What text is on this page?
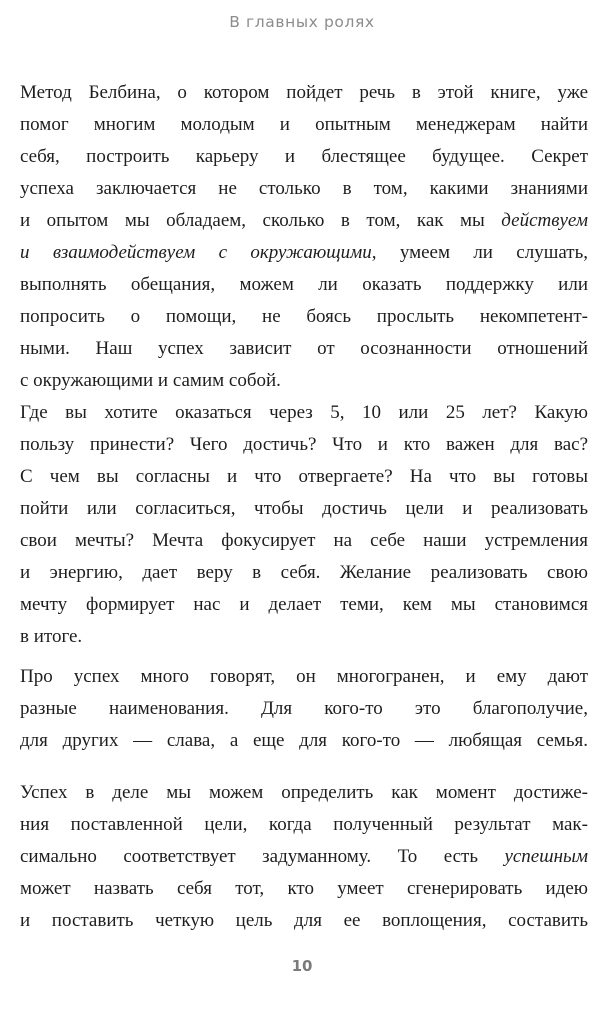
В главных ролях
Метод Белбина, о котором пойдет речь в этой книге, уже
помог многим молодым и опытным менеджерам найти
себя, построить карьеру и блестящее будущее. Секрет
успеха заключается не столько в том, какими знаниями
и опытом мы обладаем, сколько в том, как мы действуем
и взаимодействуем с окружающими, умеем ли слушать,
выполнять обещания, можем ли оказать поддержку или
попросить о помощи, не боясь прослыть некомпетент-
ными. Наш успех зависит от осознанности отношений
с окружающими и самим собой.
Где вы хотите оказаться через 5, 10 или 25 лет? Какую
пользу принести? Чего достичь? Что и кто важен для вас?
С чем вы согласны и что отвергаете? На что вы готовы
пойти или согласиться, чтобы достичь цели и реализовать
свои мечты? Мечта фокусирует на себе наши устремления
и энергию, дает веру в себя. Желание реализовать свою
мечту формирует нас и делает теми, кем мы становимся
в итоге.
Про успех много говорят, он многогранен, и ему дают
разные наименования. Для кого-то это благополучие,
для других — слава, а еще для кого-то — любящая семья.
Успех в деле мы можем определить как момент достиже-
ния поставленной цели, когда полученный результат мак-
симально соответствует задуманному. То есть успешным
может назвать себя тот, кто умеет сгенерировать идею
и поставить четкую цель для ее воплощения, составить
10
